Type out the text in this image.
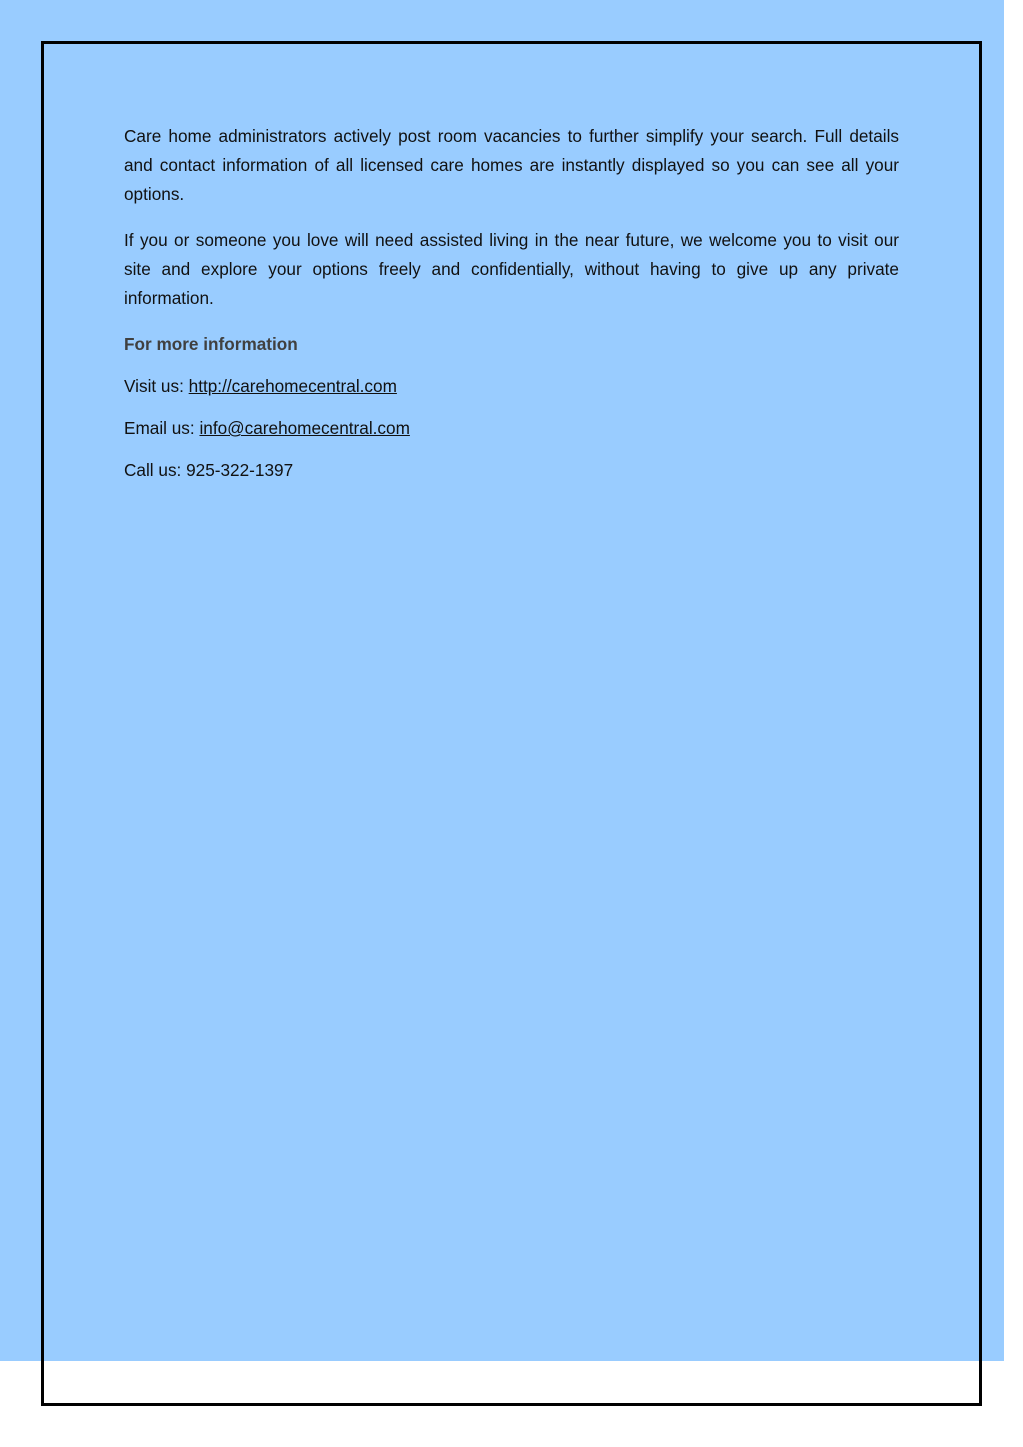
Care home administrators actively post room vacancies to further simplify your search. Full details and contact information of all licensed care homes are instantly displayed so you can see all your options.

If you or someone you love will need assisted living in the near future, we welcome you to visit our site and explore your options freely and confidentially, without having to give up any private information.

For more information

Visit us: http://carehomecentral.com

Email us: info@carehomecentral.com

Call us: 925-322-1397
